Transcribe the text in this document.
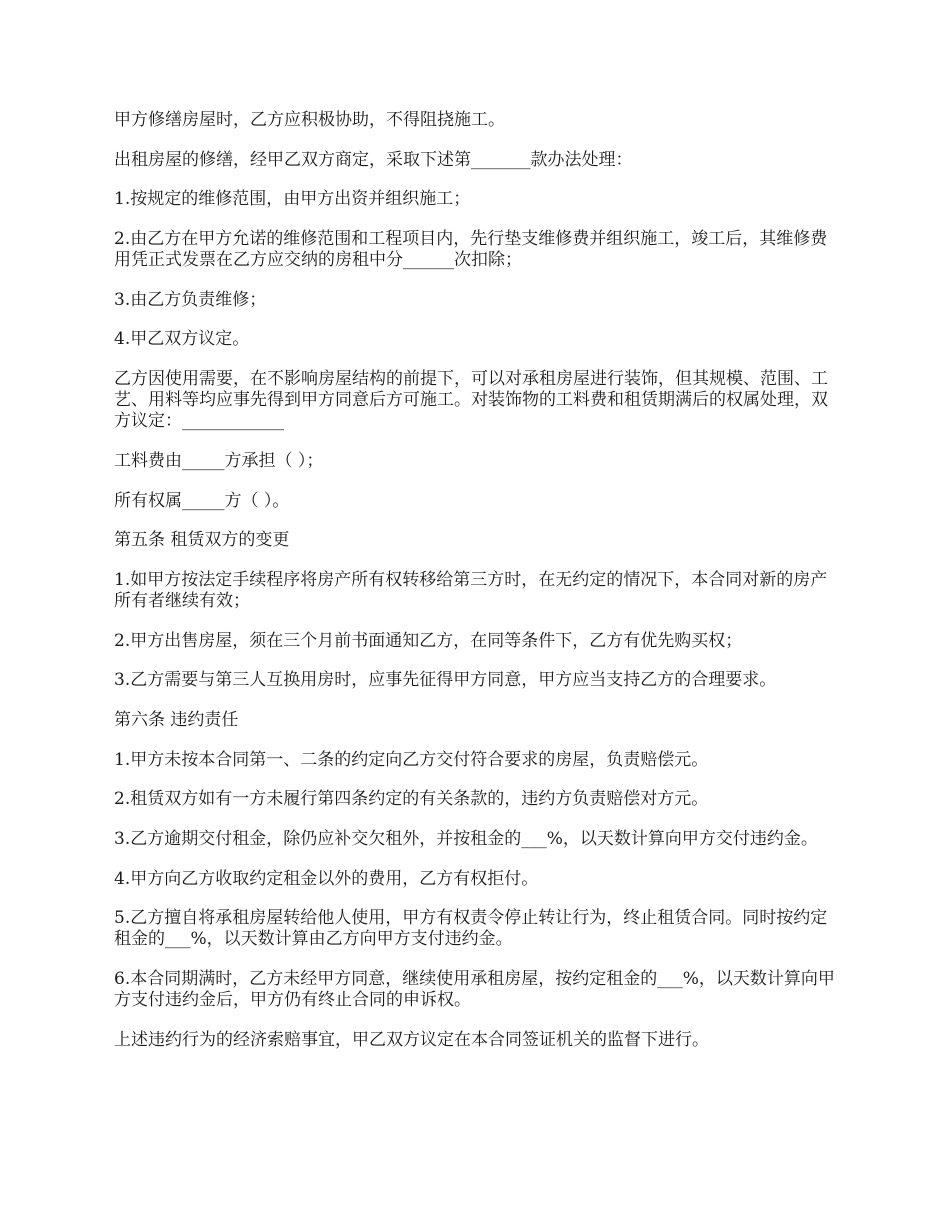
甲方修缮房屋时，乙方应积极协助，不得阻挠施工。

出租房屋的修缮，经甲乙双方商定，采取下述第_______款办法处理：

1.按规定的维修范围，由甲方出资并组织施工；

2.由乙方在甲方允诺的维修范围和工程项目内，先行垫支维修费并组织施工，竣工后，其维修费用凭正式发票在乙方应交纳的房租中分______次扣除；

3.由乙方负责维修；

4.甲乙双方议定。

乙方因使用需要，在不影响房屋结构的前提下，可以对承租房屋进行装饰，但其规模、范围、工艺、用料等均应事先得到甲方同意后方可施工。对装饰物的工料费和租赁期满后的权属处理，双方议定：____________

工料费由_____方承担（ ）；

所有权属_____方（ ）。

第五条 租赁双方的变更

1.如甲方按法定手续程序将房产所有权转移给第三方时，在无约定的情况下，本合同对新的房产所有者继续有效；

2.甲方出售房屋，须在三个月前书面通知乙方，在同等条件下，乙方有优先购买权；

3.乙方需要与第三人互换用房时，应事先征得甲方同意，甲方应当支持乙方的合理要求。

第六条 违约责任

1.甲方未按本合同第一、二条的约定向乙方交付符合要求的房屋，负责赔偿元。

2.租赁双方如有一方未履行第四条约定的有关条款的，违约方负责赔偿对方元。

3.乙方逾期交付租金，除仍应补交欠租外，并按租金的___%，以天数计算向甲方交付违约金。

4.甲方向乙方收取约定租金以外的费用，乙方有权拒付。

5.乙方擅自将承租房屋转给他人使用，甲方有权责令停止转让行为，终止租赁合同。同时按约定租金的___%，以天数计算由乙方向甲方支付违约金。

6.本合同期满时，乙方未经甲方同意，继续使用承租房屋，按约定租金的___%，以天数计算向甲方支付违约金后，甲方仍有终止合同的申诉权。

上述违约行为的经济索赔事宜，甲乙双方议定在本合同签证机关的监督下进行。
